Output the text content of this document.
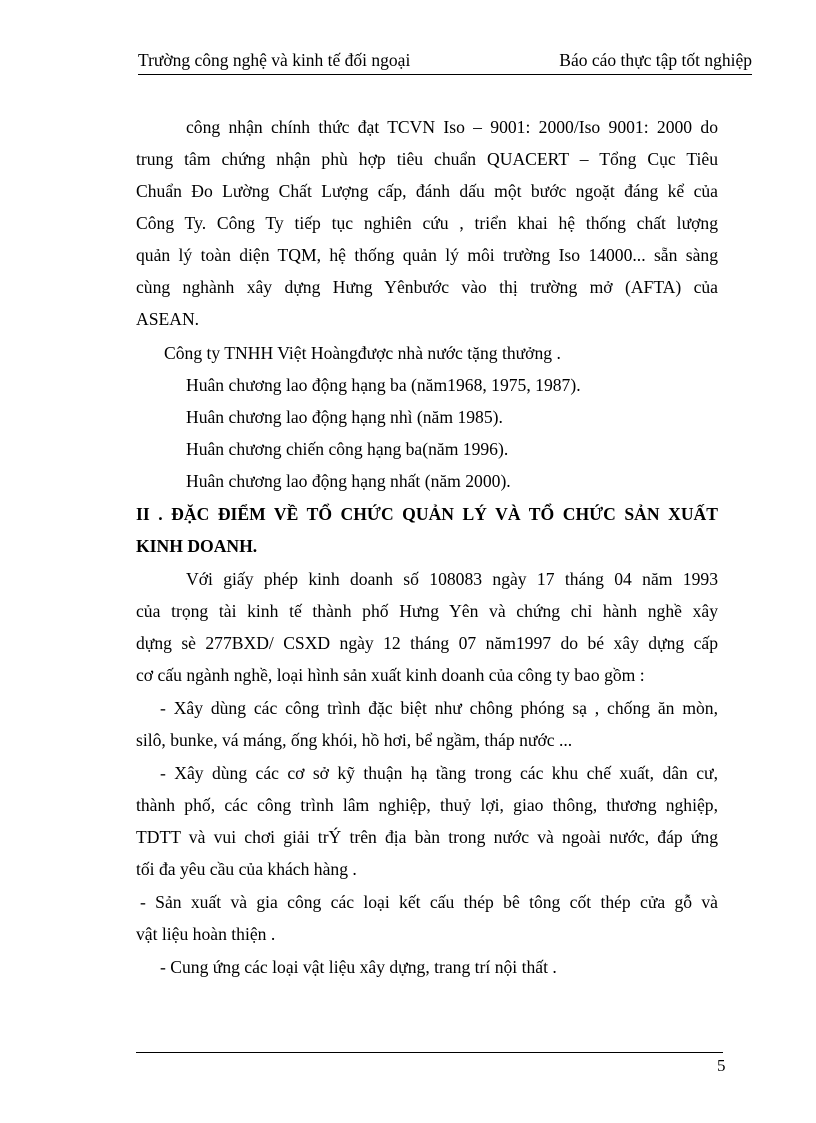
Trường công nghệ và kinh tế đối ngoại	Báo cáo thực tập tốt nghiệp
công nhận chính thức đạt TCVN Iso – 9001: 2000/Iso 9001: 2000 do
trung tâm chứng nhận phù hợp tiêu chuẩn QUACERT – Tổng Cục Tiêu
Chuẩn Đo Lường Chất Lượng cấp, đánh dấu một bước ngoặt đáng kể của
Công Ty. Công Ty tiếp tục nghiên cứu , triển khai hệ thống chất lượng
quản lý toàn diện TQM, hệ thống quản lý môi trường Iso 14000... sẵn sàng
cùng nghành xây dựng Hưng Yênbước vào thị trường mở (AFTA) của
ASEAN.
Công ty TNHH Việt Hoàngđược nhà nước tặng thưởng .
Huân chương lao động hạng ba (năm1968, 1975, 1987).
Huân chương lao động hạng nhì (năm 1985).
Huân chương chiến công hạng ba(năm 1996).
Huân chương lao động hạng nhất (năm 2000).
II . ĐẶC ĐIỂM VỀ TỔ CHỨC QUẢN LÝ VÀ TỔ CHỨC SẢN XUẤT
KINH DOANH.
Với giấy phép kinh doanh số 108083 ngày 17 tháng 04 năm 1993
của trọng tài kinh tế thành phố Hưng Yên và chứng chỉ hành nghề xây
dựng sè 277BXD/ CSXD ngày 12 tháng 07 năm1997 do bé xây dựng cấp
cơ cấu ngành nghề, loại hình sản xuất kinh doanh của công ty bao gồm :
- Xây dùng các công trình đặc biệt như chông phóng sạ , chống ăn mòn,
silô, bunke, vá máng, ống khói, hồ hơi, bể ngầm, tháp nước ...
- Xây dùng các cơ sở kỹ thuận hạ tầng trong các khu chế xuất, dân cư,
thành phố, các công trình lâm nghiệp, thuỷ lợi, giao thông, thương nghiệp,
TDTT và vui chơi giải trÝ trên địa bàn trong nước và ngoài nước, đáp ứng
tối đa yêu cầu của khách hàng .
- Sản xuất và gia công các loại kết cấu thép bê tông cốt thép cửa gỗ và
vật liệu hoàn thiện .
- Cung ứng các loại vật liệu xây dựng, trang trí nội thất .
5
